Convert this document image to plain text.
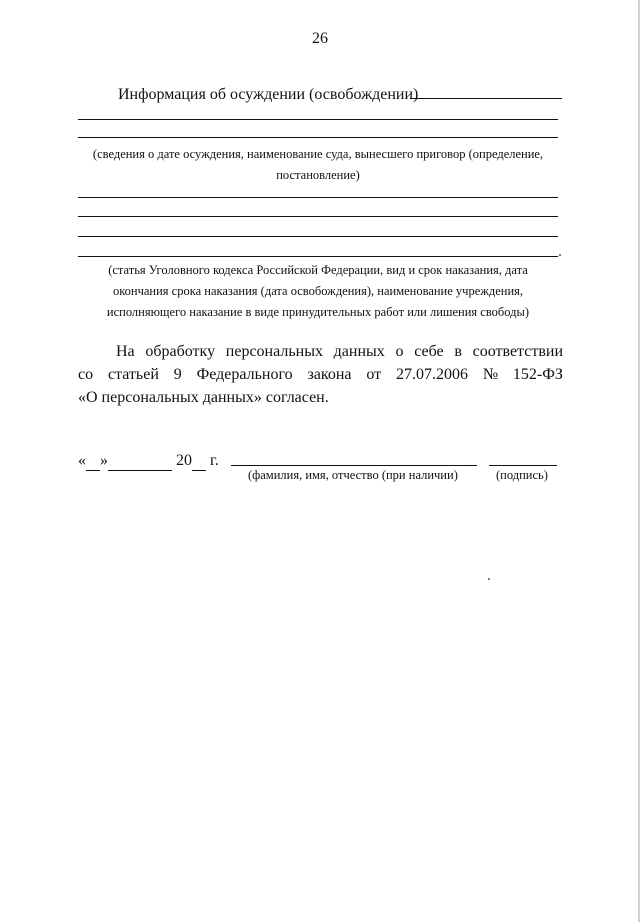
26
Информация об осуждении (освобождении)
(сведения о дате осуждения, наименование суда, вынесшего приговор (определение,
постановление)
(статья Уголовного кодекса Российской Федерации, вид и срок наказания, дата
окончания срока наказания (дата освобождения), наименование учреждения,
исполняющего наказание в виде принудительных работ или лишения свободы)
На обработку персональных данных о себе в соответствии
со статьей 9 Федерального закона от 27.07.2006 № 152-ФЗ
«О персональных данных» согласен.
« »	20 г.
(фамилия, имя, отчество (при наличии)	(подпись)
